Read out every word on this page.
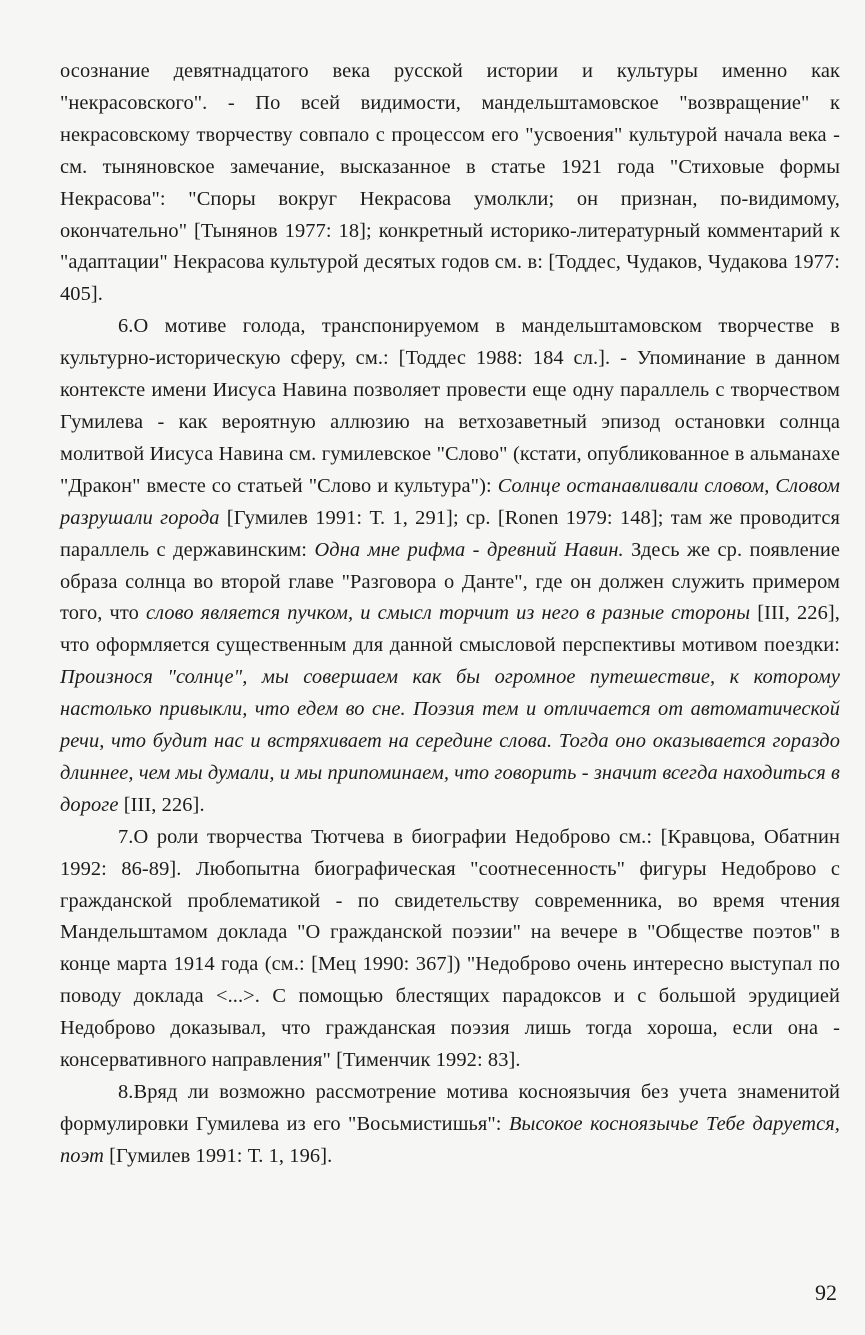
осознание девятнадцатого века русской истории и культуры именно как "некрасовского". - По всей видимости, мандельштамовское "возвращение" к некрасовскому творчеству совпало с процессом его "усвоения" культурой начала века - см. тыняновское замечание, высказанное в статье 1921 года "Стиховые формы Некрасова": "Споры вокруг Некрасова умолкли; он признан, по-видимому, окончательно" [Тынянов 1977: 18]; конкретный историко-литературный комментарий к "адаптации" Некрасова культурой десятых годов см. в: [Тоддес, Чудаков, Чудакова 1977: 405].

6.О мотиве голода, транспонируемом в мандельштамовском творчестве в культурно-историческую сферу, см.: [Тоддес 1988: 184 сл.]. - Упоминание в данном контексте имени Иисуса Навина позволяет провести еще одну параллель с творчеством Гумилева - как вероятную аллюзию на ветхозаветный эпизод остановки солнца молитвой Иисуса Навина см. гумилевское "Слово" (кстати, опубликованное в альманахе "Дракон" вместе со статьей "Слово и культура"): Солнце останавливали словом, Словом разрушали города [Гумилев 1991: Т. 1, 291]; ср. [Ronen 1979: 148]; там же проводится параллель с державинским: Одна мне рифма - древний Навин. Здесь же ср. появление образа солнца во второй главе "Разговора о Данте", где он должен служить примером того, что слово является пучком, и смысл торчит из него в разные стороны [III, 226], что оформляется существенным для данной смысловой перспективы мотивом поездки: Произнося "солнце", мы совершаем как бы огромное путешествие, к которому настолько привыкли, что едем во сне. Поэзия тем и отличается от автоматической речи, что будит нас и встряхивает на середине слова. Тогда оно оказывается гораздо длиннее, чем мы думали, и мы припоминаем, что говорить - значит всегда находиться в дороге [III, 226].

7.О роли творчества Тютчева в биографии Недоброво см.: [Кравцова, Обатнин 1992: 86-89]. Любопытна биографическая "соотнесенность" фигуры Недоброво с гражданской проблематикой - по свидетельству современника, во время чтения Мандельштамом доклада "О гражданской поэзии" на вечере в "Обществе поэтов" в конце марта 1914 года (см.: [Мец 1990: 367]) "Недоброво очень интересно выступал по поводу доклада <...>. С помощью блестящих парадоксов и с большой эрудицией Недоброво доказывал, что гражданская поэзия лишь тогда хороша, если она - консервативного направления" [Тименчик 1992: 83].

8.Вряд ли возможно рассмотрение мотива косноязычия без учета знаменитой формулировки Гумилева из его "Восьмистишья": Высокое косноязычье Тебе даруется, поэт [Гумилев 1991: Т. 1, 196].

92
